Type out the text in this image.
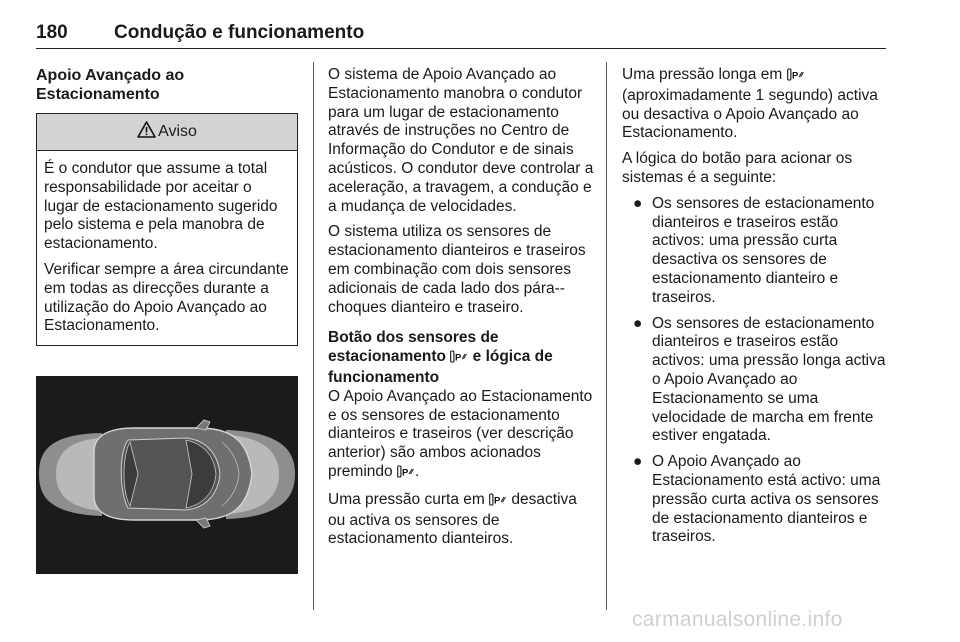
180 Condução e funcionamento
Apoio Avançado ao Estacionamento
Aviso

É o condutor que assume a total responsabilidade por aceitar o lugar de estacionamento sugerido pelo sistema e pela manobra de estacionamento.

Verificar sempre a área circundante em todas as direcções durante a utilização do Apoio Avançado ao Estacionamento.

O sistema de Apoio Avançado ao Estacionamento manobra o condutor para um lugar de estacionamento através de instruções no Centro de Informação do Condutor e de sinais acústicos. O condutor deve controlar a aceleração, a travagem, a condução e a mudança de velocidades.

O sistema utiliza os sensores de estacionamento dianteiros e traseiros em combinação com dois sensores adicionais de cada lado dos pára--choques dianteiro e traseiro.

Botão dos sensores de estacionamento P e lógica de funcionamento

O Apoio Avançado ao Estacionamento e os sensores de estacionamento dianteiros e traseiros (ver descrição anterior) são ambos acionados premindo P .

Uma pressão curta em P desactiva ou activa os sensores de estacionamento dianteiros.

Uma pressão longa em P
(aproximadamente 1 segundo) activa ou desactiva o Apoio Avançado ao Estacionamento.

A lógica do botão para acionar os sistemas é a seguinte:

● Os sensores de estacionamento dianteiros e traseiros estão activos: uma pressão curta desactiva os sensores de estacionamento dianteiro e traseiros.
● Os sensores de estacionamento dianteiros e traseiros estão activos: uma pressão longa activa o Apoio Avançado ao Estacionamento se uma velocidade de marcha em frente estiver engatada.
● O Apoio Avançado ao Estacionamento está activo: uma pressão curta activa os sensores de estacionamento dianteiros e traseiros.
carmanualsonline.info
